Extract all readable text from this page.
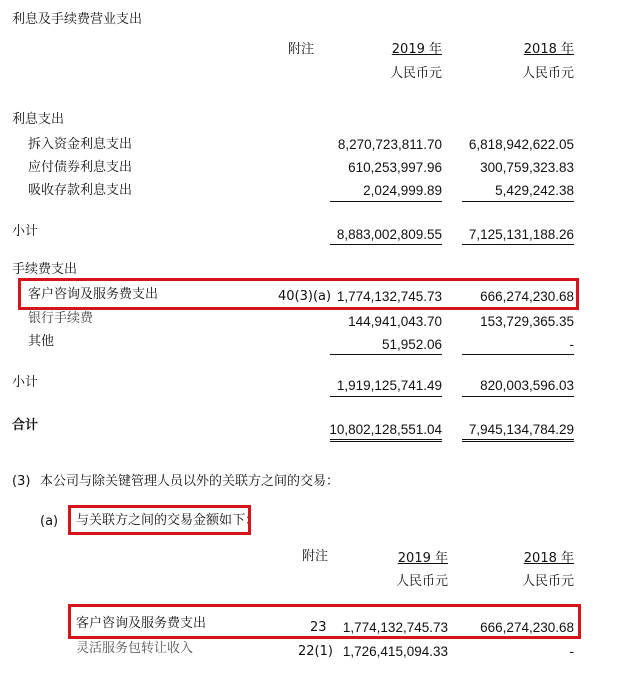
利息及手续费营业支出
附注	2019 年	2018 年
人民币元	人民币元
利息支出
拆入资金利息支出	8,270,723,811.70	6,818,942,622.05
应付债券利息支出	610,253,997.96	300,759,323.83
吸收存款利息支出	2,024,999.89	5,429,242.38
小计	8,883,002,809.55	7,125,131,188.26
手续费支出
客户咨询及服务费支出	40(3)(a) 1,774,132,745.73	666,274,230.68
银行手续费	144,941,043.70	153,729,365.35
其他	51,952.06	-
小计	1,919,125,741.49	820,003,596.03
合计	10,802,128,551.04	7,945,134,784.29
(3) 本公司与除关键管理人员以外的关联方之间的交易：
(a) 与关联方之间的交易金额如下：
附注	2019 年	2018 年
人民币元	人民币元
客户咨询及服务费支出	23	1,774,132,745.73	666,274,230.68
灵活服务包转让收入	22(1) 1,726,415,094.33	-
